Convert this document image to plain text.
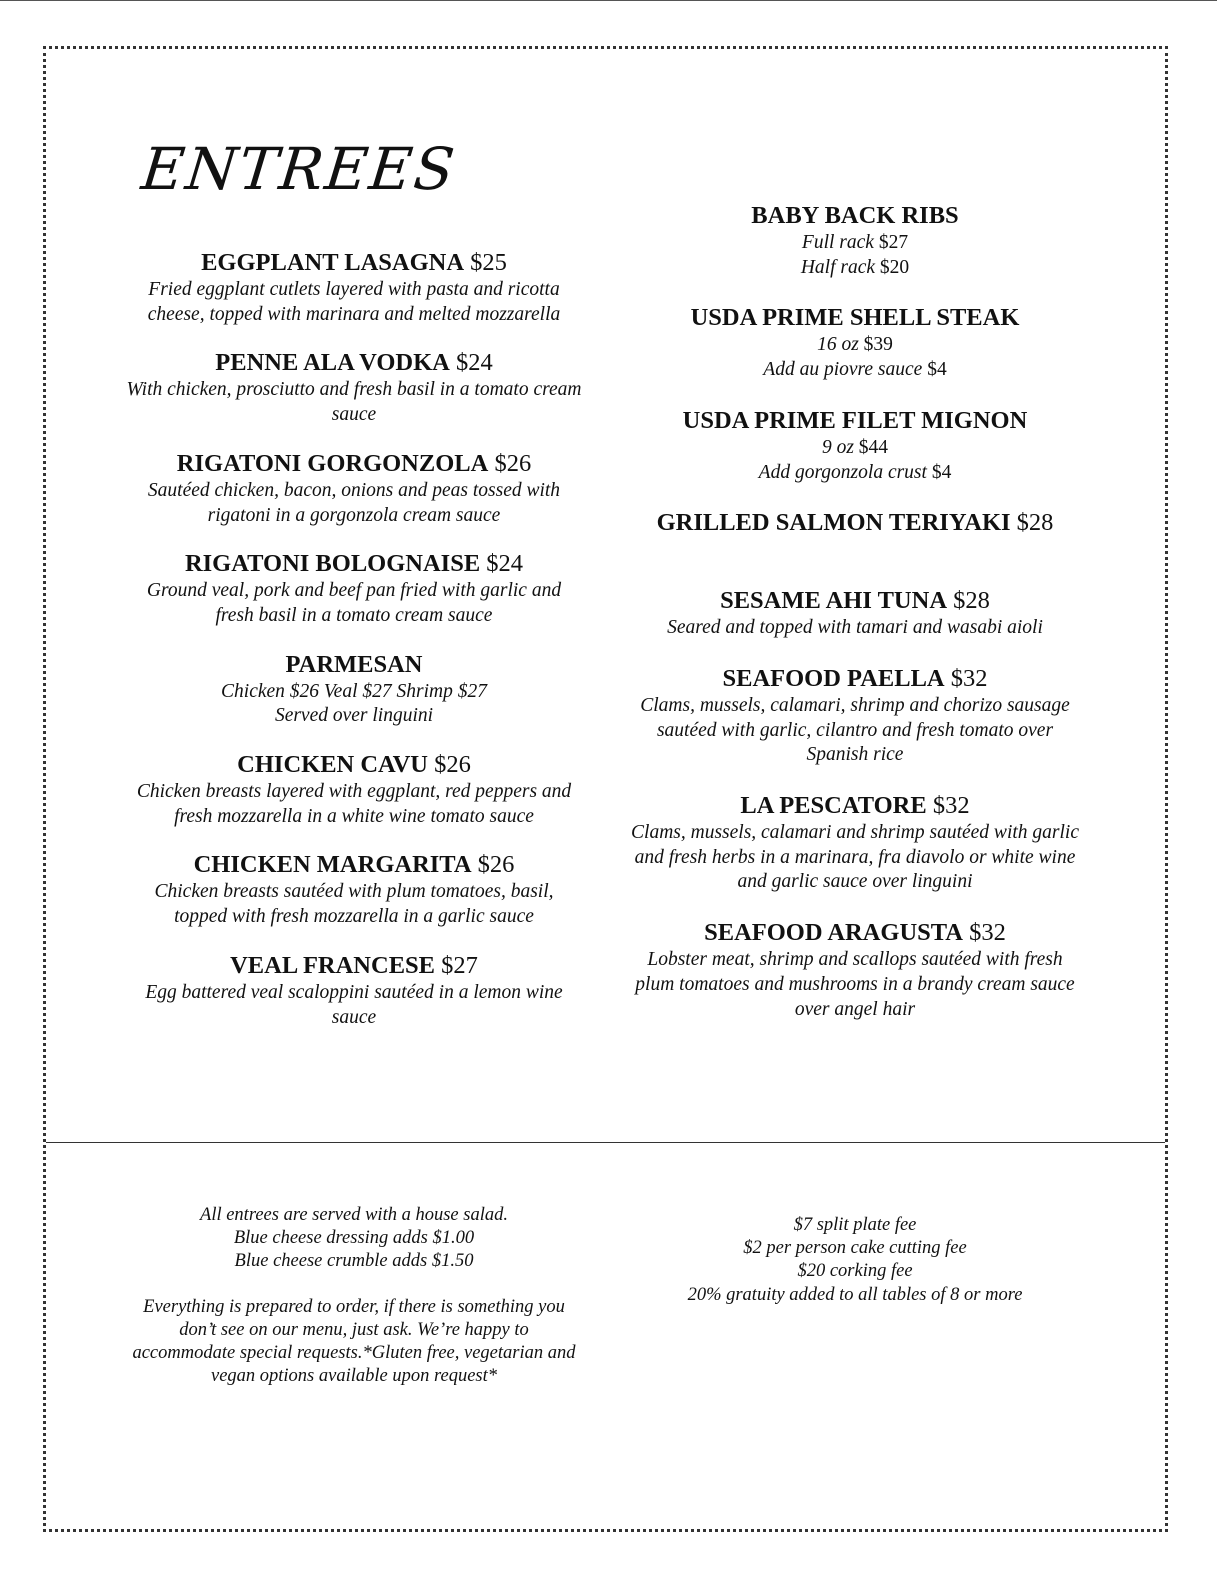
ENTREES
EGGPLANT LASAGNA $25
Fried eggplant cutlets layered with pasta and ricotta cheese, topped with marinara and melted mozzarella
PENNE ALA VODKA $24
With chicken, prosciutto and fresh basil in a tomato cream sauce
RIGATONI GORGONZOLA $26
Sautéed chicken, bacon, onions and peas tossed with rigatoni in a gorgonzola cream sauce
RIGATONI BOLOGNAISE $24
Ground veal, pork and beef pan fried with garlic and fresh basil in a tomato cream sauce
PARMESAN
Chicken $26 Veal $27 Shrimp $27
Served over linguini
CHICKEN CAVU $26
Chicken breasts layered with eggplant, red peppers and fresh mozzarella in a white wine tomato sauce
CHICKEN MARGARITA $26
Chicken breasts sautéed with plum tomatoes, basil, topped with fresh mozzarella in a garlic sauce
VEAL FRANCESE $27
Egg battered veal scaloppini sautéed in a lemon wine sauce
BABY BACK RIBS
Full rack $27
Half rack $20
USDA PRIME SHELL STEAK
16 oz $39
Add au piovre sauce $4
USDA PRIME FILET MIGNON
9 oz $44
Add gorgonzola crust $4
GRILLED SALMON TERIYAKI $28
SESAME AHI TUNA $28
Seared and topped with tamari and wasabi aioli
SEAFOOD PAELLA $32
Clams, mussels, calamari, shrimp and chorizo sausage sautéed with garlic, cilantro and fresh tomato over Spanish rice
LA PESCATORE $32
Clams, mussels, calamari and shrimp sautéed with garlic and fresh herbs in a marinara, fra diavolo or white wine and garlic sauce over linguini
SEAFOOD ARAGUSTA $32
Lobster meat, shrimp and scallops sautéed with fresh plum tomatoes and mushrooms in a brandy cream sauce over angel hair
All entrees are served with a house salad.
Blue cheese dressing adds $1.00
Blue cheese crumble adds $1.50
Everything is prepared to order, if there is something you don’t see on our menu, just ask. We’re happy to accommodate special requests.*Gluten free, vegetarian and vegan options available upon request*
$7 split plate fee
$2 per person cake cutting fee
$20 corking fee
20% gratuity added to all tables of 8 or more
